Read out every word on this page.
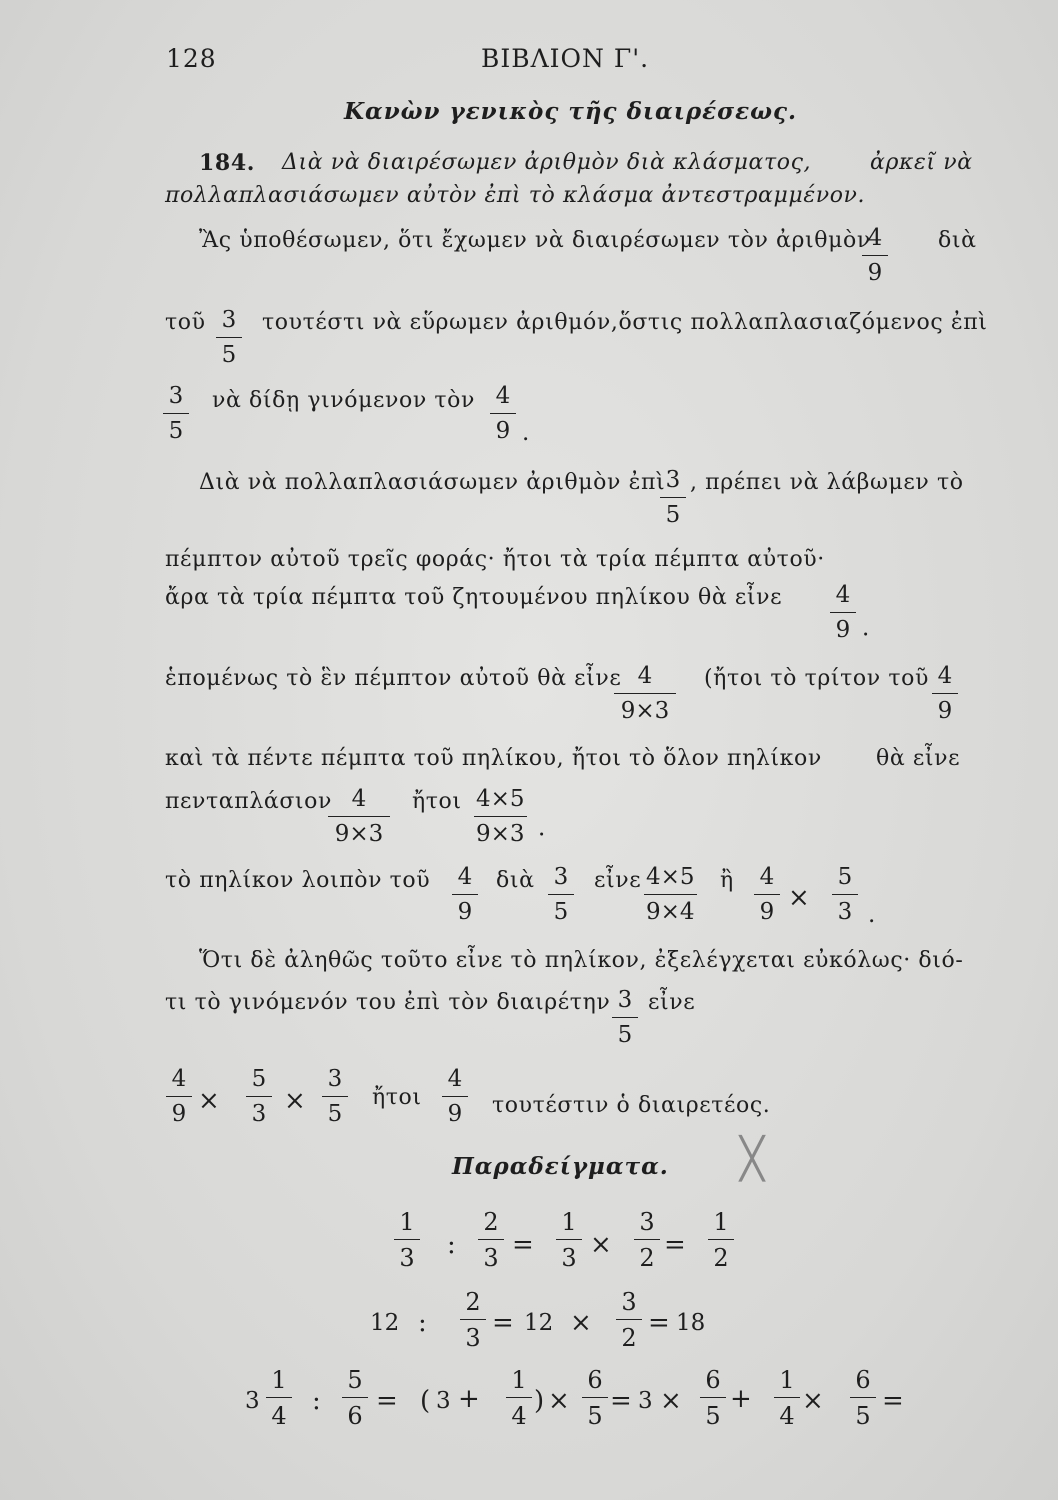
128	ΒΙΒΛΙΟΝ Γ'.
Κανὼν γενικὸς τῆς διαιρέσεως.
184. Διὰ νὰ διαιρέσωμεν ἀριθμὸν διὰ κλάσματος,	ἀρκεῖ νὰ
πολλαπλασιάσωμεν αὐτὸν ἐπὶ τὸ κλάσμα ἀντεστραμμένον.
Ἂς ὑποθέσωμεν, ὅτι ἔχωμεν νὰ διαιρέσωμεν τὸν ἀριθμὸν
$\frac{4}{9}$ διὰ
τοῦ $\frac{3}{5}$ τουτέστι νὰ εὕρωμεν ἀριθμόν,ὅστις πολλαπλασιαζόμενος ἐπὶ
$\frac{3}{5}$ νὰ δίδῃ γινόμενον τὸν $\frac{4}{9}$ .
Διὰ νὰ πολλαπλασιάσωμεν ἀριθμὸν ἐπὶ
$\frac{3}{5}$ , πρέπει νὰ λάβωμεν τὸ
πέμπτον αὐτοῦ τρεῖς φοράς· ἤτοι τὰ τρία πέμπτα αὐτοῦ·
ἄρα τὰ τρία πέμπτα τοῦ ζητουμένου πηλίκου θὰ εἶνε $\frac{4}{9}$ ·
ἑπομένως τὸ ἓν πέμπτον αὐτοῦ θὰ εἶνε
$\frac{4}{9\times 3}$ (ἤτοι τὸ τρίτον τοῦ $\frac{4}{9}$
καὶ τὰ πέντε πέμπτα τοῦ πηλίκου, ἤτοι τὸ ὅλον πηλίκον θὰ εἶνε
πενταπλάσιον
$\frac{4}{9\times 3}$ ἤτοι $\frac{4\times 5}{9\times 3}$ ·
τὸ πηλίκον λοιπὸν τοῦ $\frac{4}{9}$ διὰ $\frac{3}{5}$ εἶνε $\frac{4\times 5}{9\times 4}$ ἢ $\frac{4}{9} \times \frac{5}{3}$ .
Ὅτι δὲ ἀληθῶς τοῦτο εἶνε τὸ πηλίκον, ἐξελέγχεται εὐκόλως· διό-
τι τὸ γινόμενόν του ἐπὶ τὸν διαιρέτην $\frac{3}{5}$ εἶνε
$\frac{4}{9} \times \frac{5}{3} \times \frac{3}{5}$ ἤτοι $\frac{4}{9}$ τουτέστιν ὁ διαιρετέος.
Παραδείγματα. ╳
$\frac{1}{3}$ : $\frac{2}{3} = \frac{1}{3} \times \frac{3}{2} = \frac{1}{2}$
12 : $\frac{2}{3} = 12 \times \frac{3}{2} = 18$
$3 \frac{1}{4}$ : $\frac{5}{6}$ = ( $3 + \frac{1}{4}$ ) × $\frac{6}{5} = 3 \times \frac{6}{5} + \frac{1}{4} \times \frac{6}{5}$ =
